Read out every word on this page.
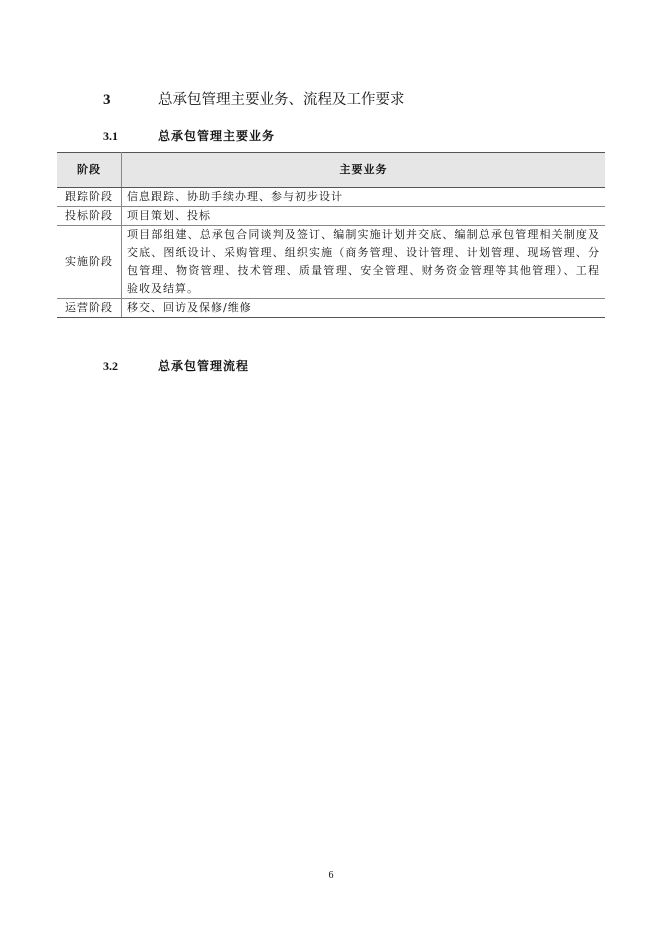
3	总承包管理主要业务、流程及工作要求
3.1	总承包管理主要业务
阶段	主要业务
跟踪阶段	信息跟踪、协助手续办理、参与初步设计
投标阶段	项目策划、投标
实施阶段	项目部组建、总承包合同谈判及签订、编制实施计划并交底、编制总承包管理相关制度及交底、图纸设计、采购管理、组织实施（商务管理、设计管理、计划管理、现场管理、分包管理、物资管理、技术管理、质量管理、安全管理、财务资金管理等其他管理）、工程验收及结算。
运营阶段	移交、回访及保修/维修
3.2	总承包管理流程
6
